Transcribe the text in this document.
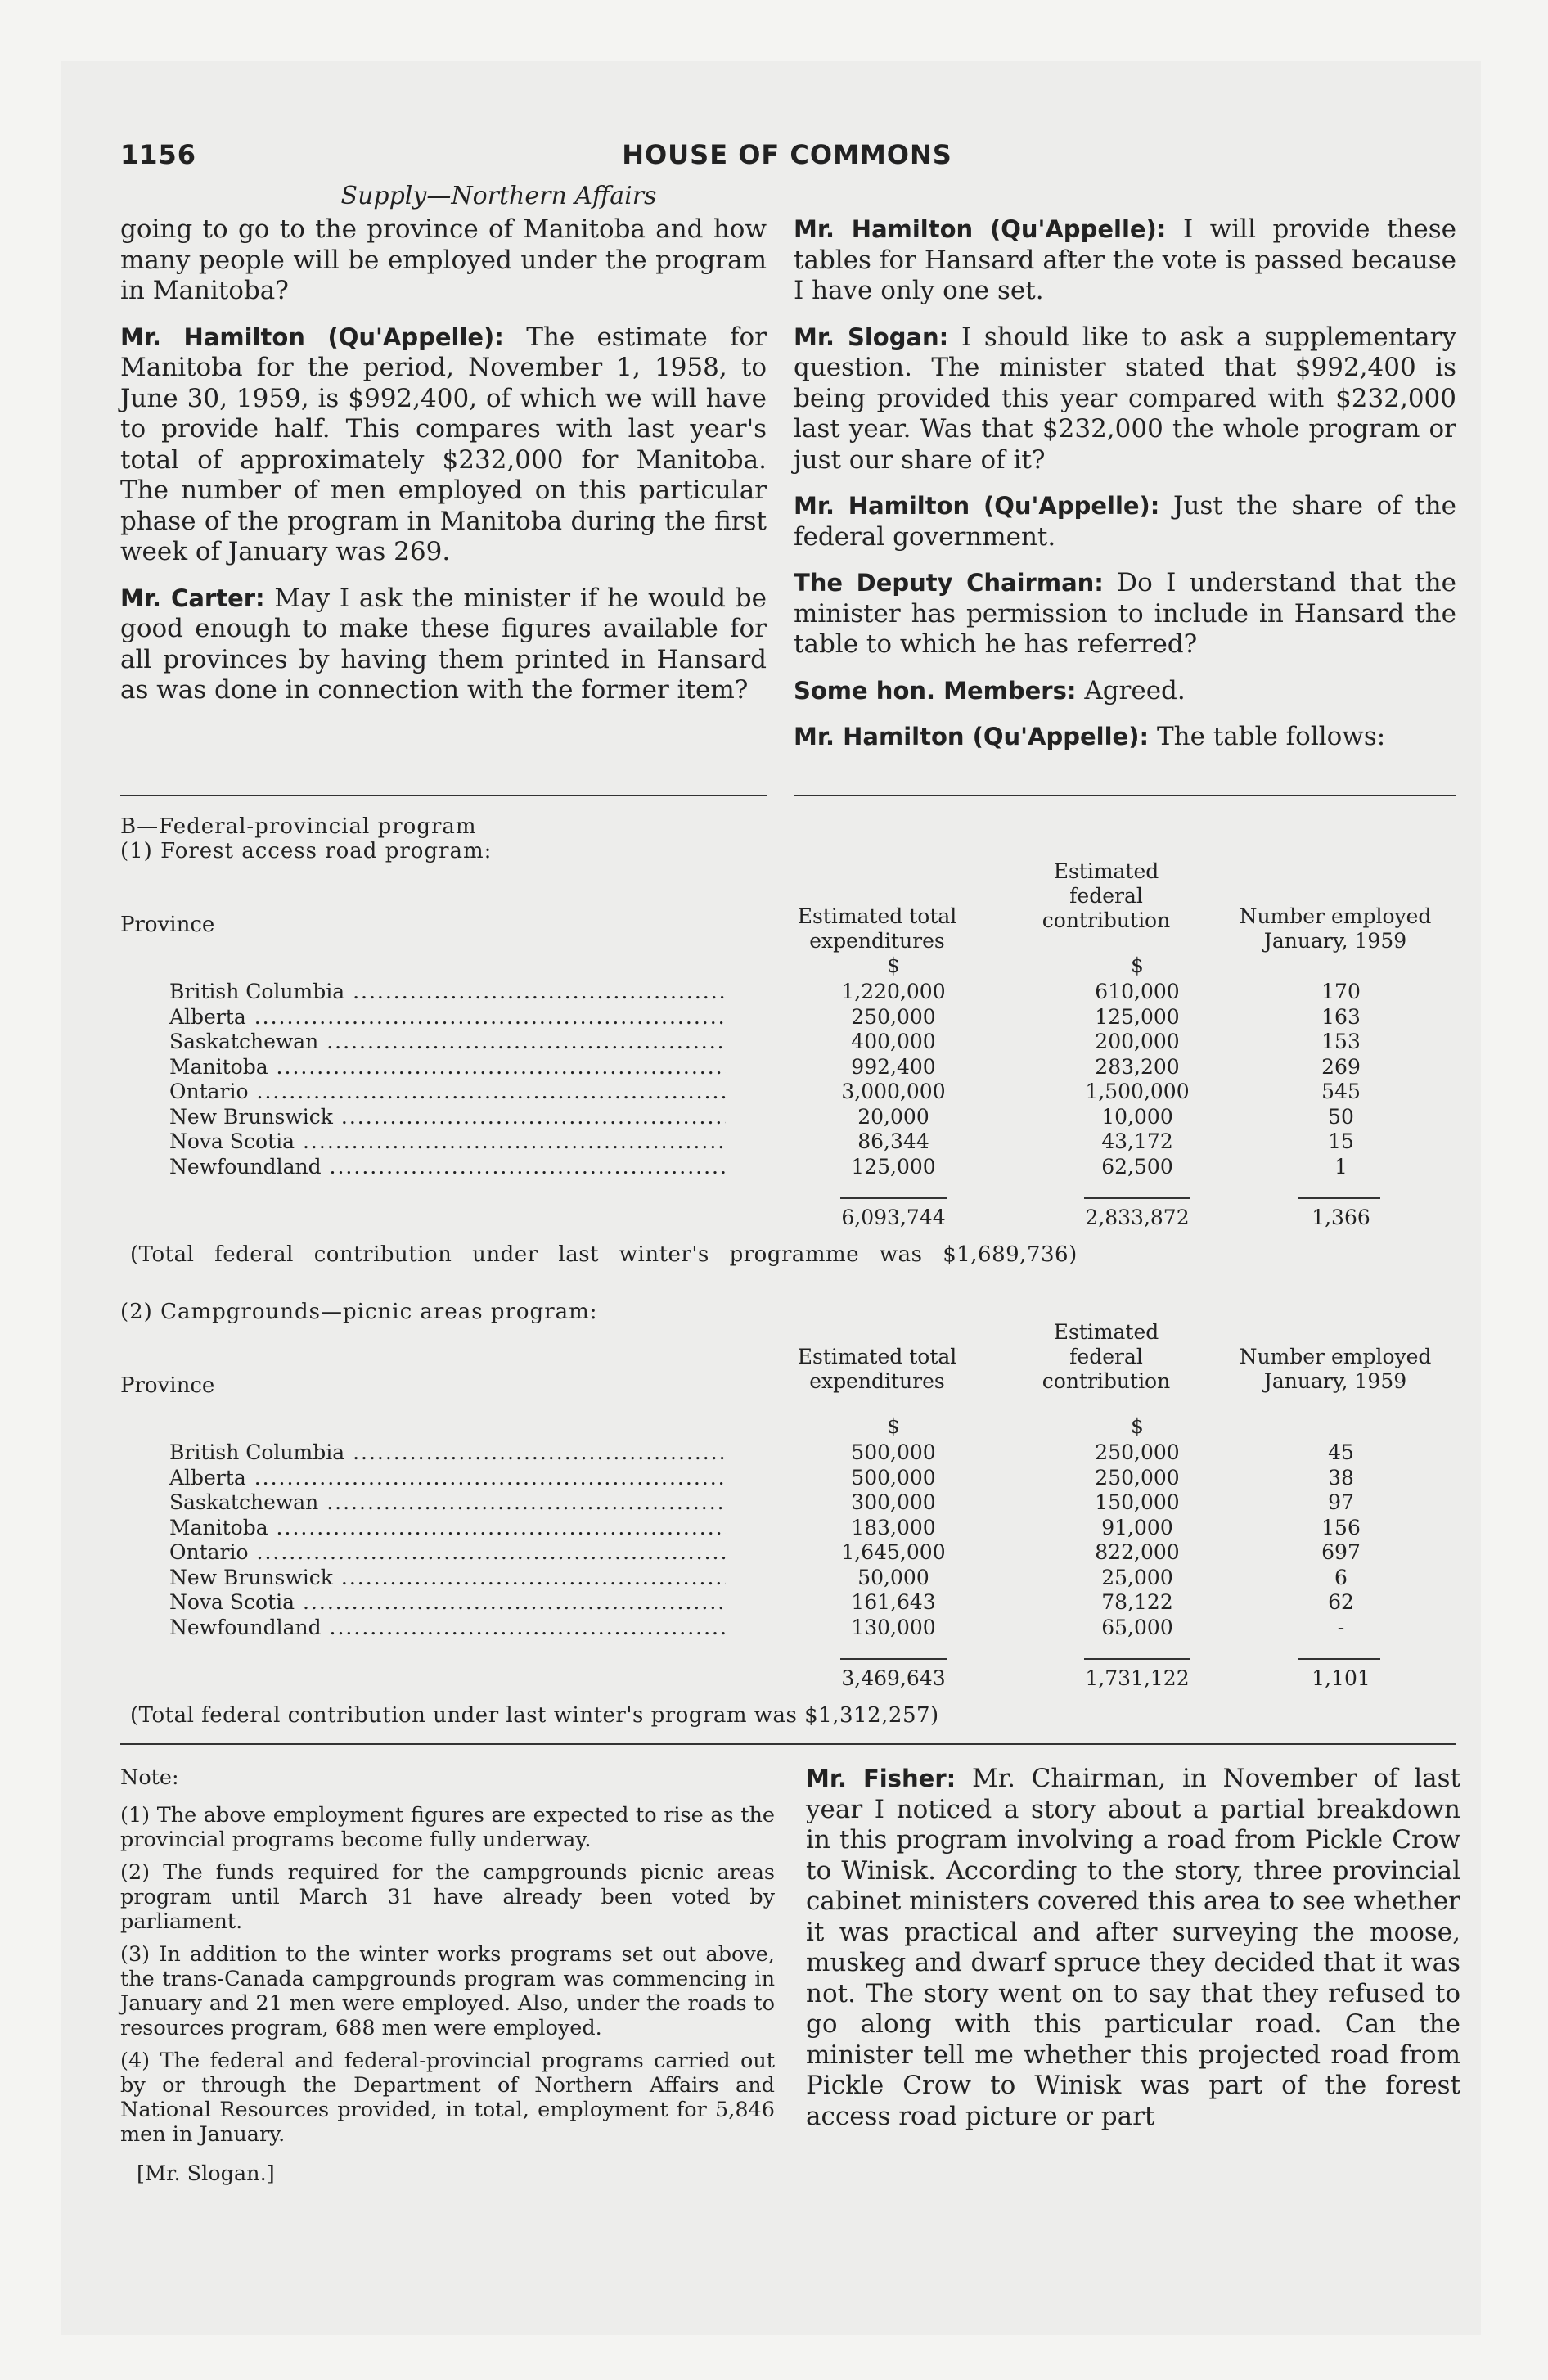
1156	HOUSE OF COMMONS
Supply—Northern Affairs

going to go to the province of Manitoba and how many people will be employed under the program in Manitoba?

Mr. Hamilton (Qu'Appelle): The estimate for Manitoba for the period, November 1, 1958, to June 30, 1959, is $992,400, of which we will have to provide half. This compares with last year's total of approximately $232,000 for Manitoba. The number of men employed on this particular phase of the program in Manitoba during the first week of January was 269.

Mr. Carter: May I ask the minister if he would be good enough to make these figures available for all provinces by having them printed in Hansard as was done in connection with the former item?

Mr. Hamilton (Qu'Appelle): I will provide these tables for Hansard after the vote is passed because I have only one set.

Mr. Slogan: I should like to ask a supplementary question. The minister stated that $992,400 is being provided this year compared with $232,000 last year. Was that $232,000 the whole program or just our share of it?

Mr. Hamilton (Qu'Appelle): Just the share of the federal government.

The Deputy Chairman: Do I understand that the minister has permission to include in Hansard the table to which he has referred?

Some hon. Members: Agreed.

Mr. Hamilton (Qu'Appelle): The table follows:

B—Federal-provincial program
(1) Forest access road program:
Province	Estimated total expenditures
Estimated federal contribution	Number employed January, 1959
$	$
British Columbia .....	1,220,000	610,000	170
Alberta .....	250,000	125,000	163
Saskatchewan .....	400,000	200,000	153
Manitoba .....	992,400	283,200	269
Ontario .....	3,000,000	1,500,000	545
New Brunswick .....	20,000	10,000	50
Nova Scotia .....	86,344	43,172	15
Newfoundland .....	125,000	62,500	1
6,093,744	2,833,872	1,366
(Total federal contribution under last winter's programme was $1,689,736)
(2) Campgrounds—picnic areas program:
Province
Estimated total expenditures
Estimated federal contribution
Number employed January, 1959
$	$
British Columbia .....	500,000	250,000	45
Alberta .....	500,000	250,000	38
Saskatchewan .....	300,000	150,000	97
Manitoba .....	183,000	91,000	156
Ontario .....	1,645,000	822,000	697
New Brunswick .....	50,000	25,000	6
Nova Scotia .....	161,643	78,122	62
Newfoundland .....	130,000	65,000	-
3,469,643	1,731,122	1,101
(Total federal contribution under last winter's program was $1,312,257)

Note:

(1) The above employment figures are expected to rise as the provincial programs become fully underway.

(2) The funds required for the campgrounds picnic areas program until March 31 have already been voted by parliament.

(3) In addition to the winter works programs set out above, the trans-Canada campgrounds program was commencing in January and 21 men were employed. Also, under the roads to resources program, 688 men were employed.

(4) The federal and federal-provincial programs carried out by or through the Department of Northern Affairs and National Resources provided, in total, employment for 5,846 men in January.

[Mr. Slogan.]

Mr. Fisher: Mr. Chairman, in November of last year I noticed a story about a partial breakdown in this program involving a road from Pickle Crow to Winisk. According to the story, three provincial cabinet ministers covered this area to see whether it was practical and after surveying the moose, muskeg and dwarf spruce they decided that it was not. The story went on to say that they refused to go along with this particular road. Can the minister tell me whether this projected road from Pickle Crow to Winisk was part of the forest access road picture or part
